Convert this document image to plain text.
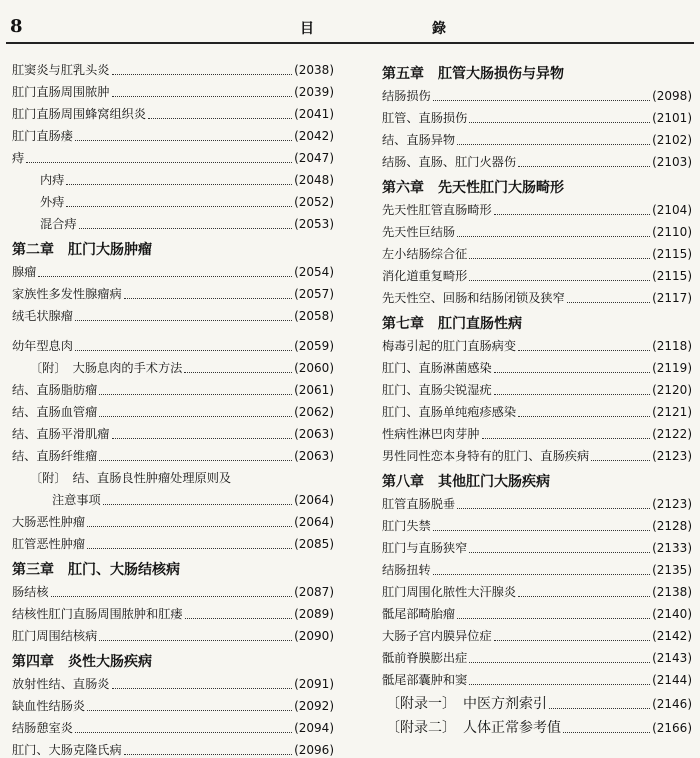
8	目　　錄
肛窦炎与肛乳头炎	(2038)
肛门直肠周围脓肿	(2039)
肛门直肠周围蜂窝组织炎	(2041)
肛门直肠瘘	(2042)
痔	(2047)
内痔	(2048)
外痔	(2052)
混合痔	(2053)
第二章　肛门大肠肿瘤
腺瘤	(2054)
家族性多发性腺瘤病	(2057)
绒毛状腺瘤	(2058)
幼年型息肉	(2059)
〔附〕　大肠息肉的手术方法	(2060)
结、直肠脂肪瘤	(2061)
结、直肠血管瘤	(2062)
结、直肠平滑肌瘤	(2063)
结、直肠纤维瘤	(2063)
〔附〕　结、直肠良性肿瘤处理原则及
注意事项	(2064)
大肠恶性肿瘤	(2064)
肛管恶性肿瘤	(2085)
第三章　肛门、大肠结核病
肠结核	(2087)
结核性肛门直肠周围脓肿和肛瘘	(2089)
肛门周围结核病	(2090)
第四章　炎性大肠疾病
放射性结、直肠炎	(2091)
缺血性结肠炎	(2092)
结肠憩室炎	(2094)
肛门、大肠克隆氏病	(2096)
第五章　肛管大肠损伤与异物
结肠损伤	(2098)
肛管、直肠损伤	(2101)
结、直肠异物	(2102)
结肠、直肠、肛门火器伤	(2103)
第六章　先天性肛门大肠畸形
先天性肛管直肠畸形	(2104)
先天性巨结肠	(2110)
左小结肠综合征	(2115)
消化道重复畸形	(2115)
先天性空、回肠和结肠闭锁及狭窄	(2117)
第七章　肛门直肠性病
梅毒引起的肛门直肠病变	(2118)
肛门、直肠淋菌感染	(2119)
肛门、直肠尖锐湿疣	(2120)
肛门、直肠单纯疱疹感染	(2121)
性病性淋巴肉芽肿	(2122)
男性同性恋本身特有的肛门、直肠疾病	(2123)
第八章　其他肛门大肠疾病
肛管直肠脱垂	(2123)
肛门失禁	(2128)
肛门与直肠狭窄	(2133)
结肠扭转	(2135)
肛门周围化脓性大汗腺炎	(2138)
骶尾部畸胎瘤	(2140)
大肠子宫内膜异位症	(2142)
骶前脊膜膨出症	(2143)
骶尾部囊肿和窦	(2144)
〔附录一〕　中医方剂索引	(2146)
〔附录二〕　人体正常参考值	(2166)
